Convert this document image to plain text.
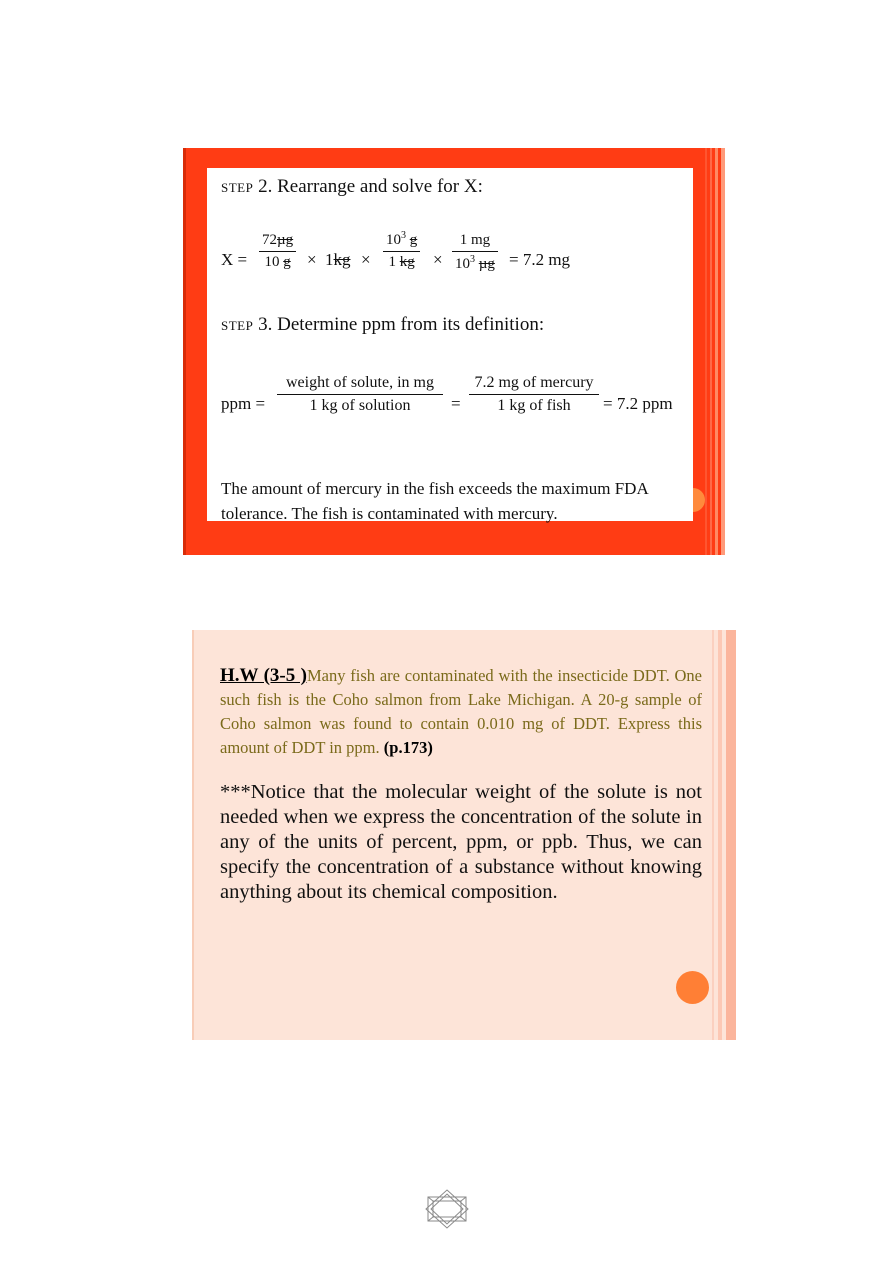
STEP 2. Rearrange and solve for X:
X =
72µg
10 g × 1kg ×
$10^3$ g
1 kg	×
1 mg
$10^3$ µg = 7.2 mg
STEP 3. Determine ppm from its definition:
ppm =
weight of solute, in mg
1 kg of solution	=
7.2 mg of mercury
1 kg of fish	= 7.2 ppm
The amount of mercury in the fish exceeds the maximum FDA tolerance. The fish is contaminated with mercury.

H.W (3-5 )Many fish are contaminated with the insecticide DDT. One such fish is the Coho salmon from Lake Michigan. A 20-g sample of Coho salmon was found to contain 0.010 mg of DDT. Express this amount of DDT in ppm. (p.173)

***Notice that the molecular weight of the solute is not needed when we express the concentration of the solute in any of the units of percent, ppm, or ppb. Thus, we can specify the concentration of a substance without knowing anything about its chemical composition.
